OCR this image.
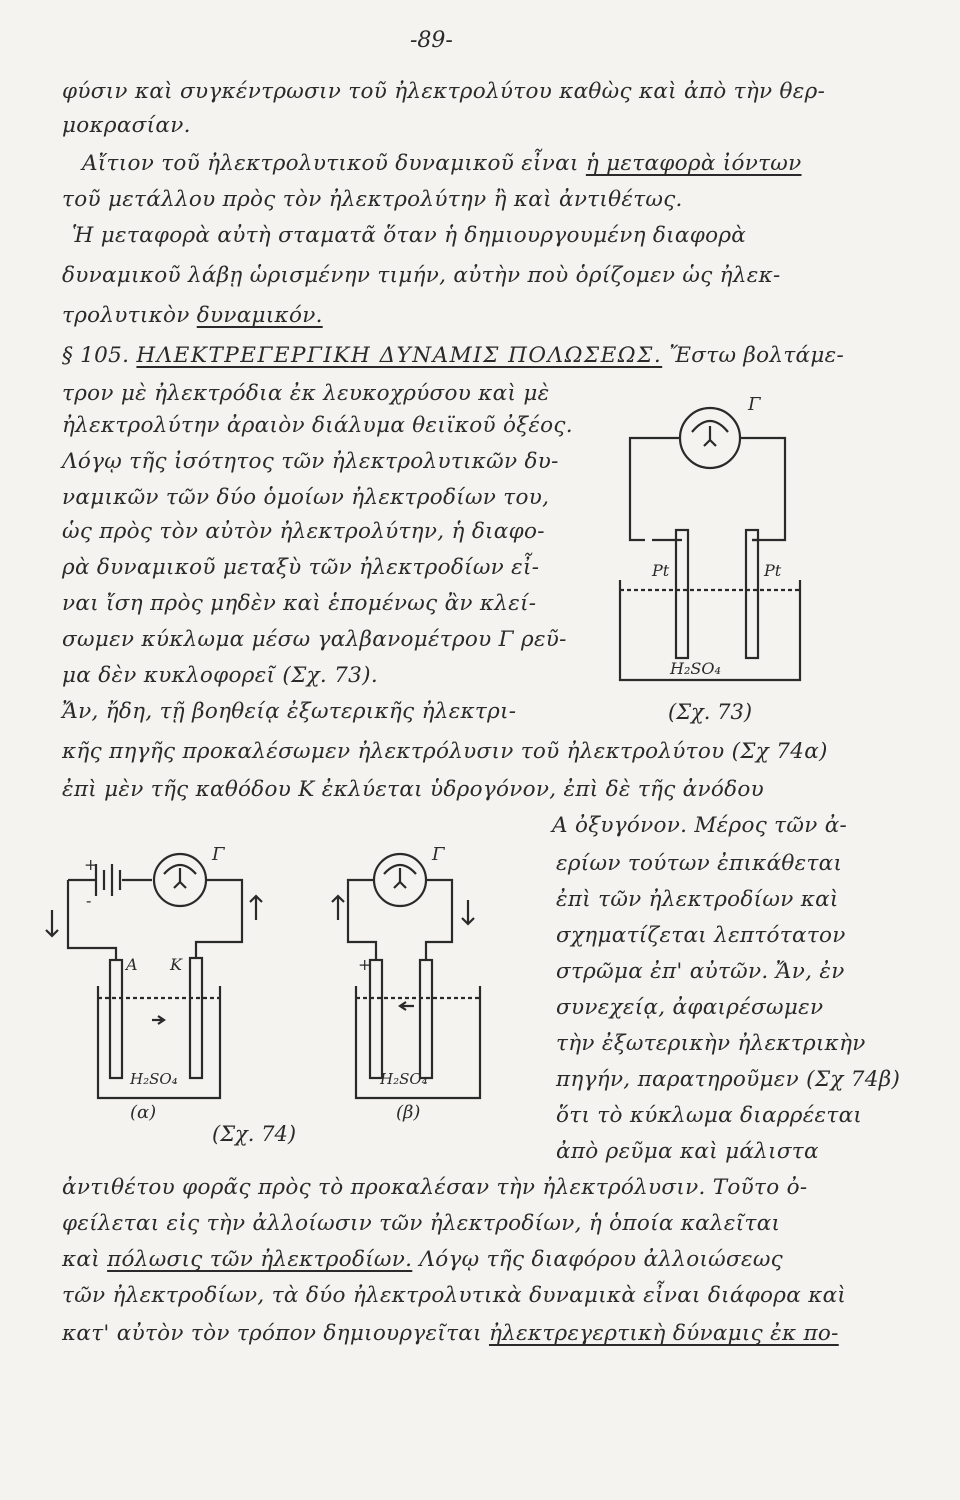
-89-
φύσιν καὶ συγκέντρωσιν τοῦ ἠλεκτρολύτου καθὼς καὶ ἀπὸ τὴν θερ-
μοκρασίαν.
Αἴτιον τοῦ ἠλεκτρολυτικοῦ δυναμικοῦ εἶναι ἡ μεταφορὰ ἰόντων
τοῦ μετάλλου πρὸς τὸν ἠλεκτρολύτην ἢ καὶ ἀντιθέτως.
Ἡ μεταφορὰ αὐτὴ σταματᾶ ὅταν ἡ δημιουργουμένη διαφορὰ
δυναμικοῦ λάβῃ ὡρισμένην τιμήν, αὐτὴν ποὺ ὁρίζομεν ὡς ἠλεκ-
τρολυτικὸν δυναμικόν.
§ 105. ΗΛΕΚΤΡΕΓΕΡΓΙΚΗ ΔΥΝΑΜΙΣ ΠΟΛΩΣΕΩΣ. Ἔστω βολτάμε-
τρον μὲ ἠλεκτρόδια ἐκ λευκοχρύσου καὶ μὲ
ἠλεκτρολύτην ἀραιὸν διάλυμα θειϊκοῦ ὀξέος.
Λόγῳ τῆς ἰσότητος τῶν ἠλεκτρολυτικῶν δυ-
ναμικῶν τῶν δύο ὁμοίων ἠλεκτροδίων του,
ὡς πρὸς τὸν αὐτὸν ἠλεκτρολύτην, ἡ διαφο-
ρὰ δυναμικοῦ μεταξὺ τῶν ἠλεκτροδίων εἶ-
ναι ἴση πρὸς μηδὲν καὶ ἑπομένως ἂν κλεί-
σωμεν κύκλωμα μέσω γαλβανομέτρου Γ ρεῦ-
μα δὲν κυκλοφορεῖ (Σχ. 73).
Ἄν, ἤδη, τῇ βοηθείᾳ ἐξωτερικῆς ἠλεκτρι-
κῆς πηγῆς προκαλέσωμεν ἠλεκτρόλυσιν τοῦ ἠλεκτρολύτου (Σχ 74α)
ἐπὶ μὲν τῆς καθόδου Κ ἐκλύεται ὑδρογόνον, ἐπὶ δὲ τῆς ἀνόδου
Α ὀξυγόνον. Μέρος τῶν ἀ-
ερίων τούτων ἐπικάθεται
ἐπὶ τῶν ἠλεκτροδίων καὶ
σχηματίζεται λεπτότατον
στρῶμα ἐπ' αὐτῶν. Ἄν, ἐν
συνεχείᾳ, ἀφαιρέσωμεν
τὴν ἐξωτερικὴν ἠλεκτρικὴν
πηγήν, παρατηροῦμεν (Σχ 74β)
ὅτι τὸ κύκλωμα διαρρέεται
ἀπὸ ρεῦμα καὶ μάλιστα
ἀντιθέτου φορᾶς πρὸς τὸ προκαλέσαν τὴν ἠλεκτρόλυσιν. Τοῦτο ὀ-
φείλεται εἰς τὴν ἀλλοίωσιν τῶν ἠλεκτροδίων, ἡ ὁποία καλεῖται
καὶ πόλωσις τῶν ἠλεκτροδίων. Λόγῳ τῆς διαφόρου ἀλλοιώσεως
τῶν ἠλεκτροδίων, τὰ δύο ἠλεκτρολυτικὰ δυναμικὰ εἶναι διάφορα καὶ
κατ' αὐτὸν τὸν τρόπον δημιουργεῖται ἠλεκτρεγερτικὴ δύναμις ἐκ πο-
Pt	Pt
Γ
H₂SO₄
(Σχ. 73)
+
-
Γ
A K
H₂SO₄
(α)
Γ
+
H₂SO₄
(β)
(Σχ. 74)
